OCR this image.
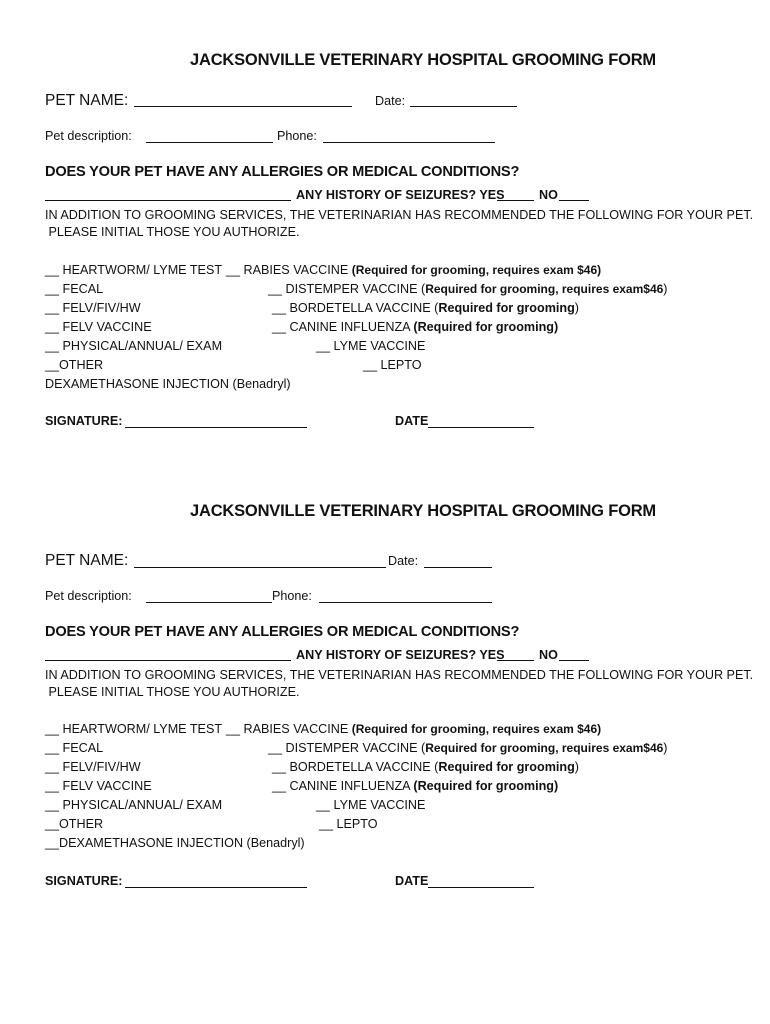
JACKSONVILLE VETERINARY HOSPITAL GROOMING FORM
PET NAME:	Date:
Pet description:	Phone:
DOES YOUR PET HAVE ANY ALLERGIES OR MEDICAL CONDITIONS?
ANY HISTORY OF SEIZURES? YES	NO
IN ADDITION TO GROOMING SERVICES, THE VETERINARIAN HAS RECOMMENDED THE FOLLOWING FOR YOUR PET.
PLEASE INITIAL THOSE YOU AUTHORIZE.
__ HEARTWORM/ LYME TEST __ RABIES VACCINE (Required for grooming, requires exam $46)
__ FECAL	__ DISTEMPER VACCINE (Required for grooming, requires exam$46)
__ FELV/FIV/HW	__ BORDETELLA VACCINE (Required for grooming)
__ FELV VACCINE	__ CANINE INFLUENZA (Required for grooming)
__ PHYSICAL/ANNUAL/ EXAM	__ LYME VACCINE
__OTHER	__ LEPTO
DEXAMETHASONE INJECTION (Benadryl)
SIGNATURE:	DATE
JACKSONVILLE VETERINARY HOSPITAL GROOMING FORM
PET NAME:	Date:
Pet description:	Phone:
DOES YOUR PET HAVE ANY ALLERGIES OR MEDICAL CONDITIONS?
ANY HISTORY OF SEIZURES? YES	NO
IN ADDITION TO GROOMING SERVICES, THE VETERINARIAN HAS RECOMMENDED THE FOLLOWING FOR YOUR PET.
PLEASE INITIAL THOSE YOU AUTHORIZE.
__ HEARTWORM/ LYME TEST __ RABIES VACCINE (Required for grooming, requires exam $46)
__ FECAL	__ DISTEMPER VACCINE (Required for grooming, requires exam$46)
__ FELV/FIV/HW	__ BORDETELLA VACCINE (Required for grooming)
__ FELV VACCINE	__ CANINE INFLUENZA (Required for grooming)
__ PHYSICAL/ANNUAL/ EXAM	__ LYME VACCINE
__OTHER	__ LEPTO
__DEXAMETHASONE INJECTION (Benadryl)
SIGNATURE:	DATE
